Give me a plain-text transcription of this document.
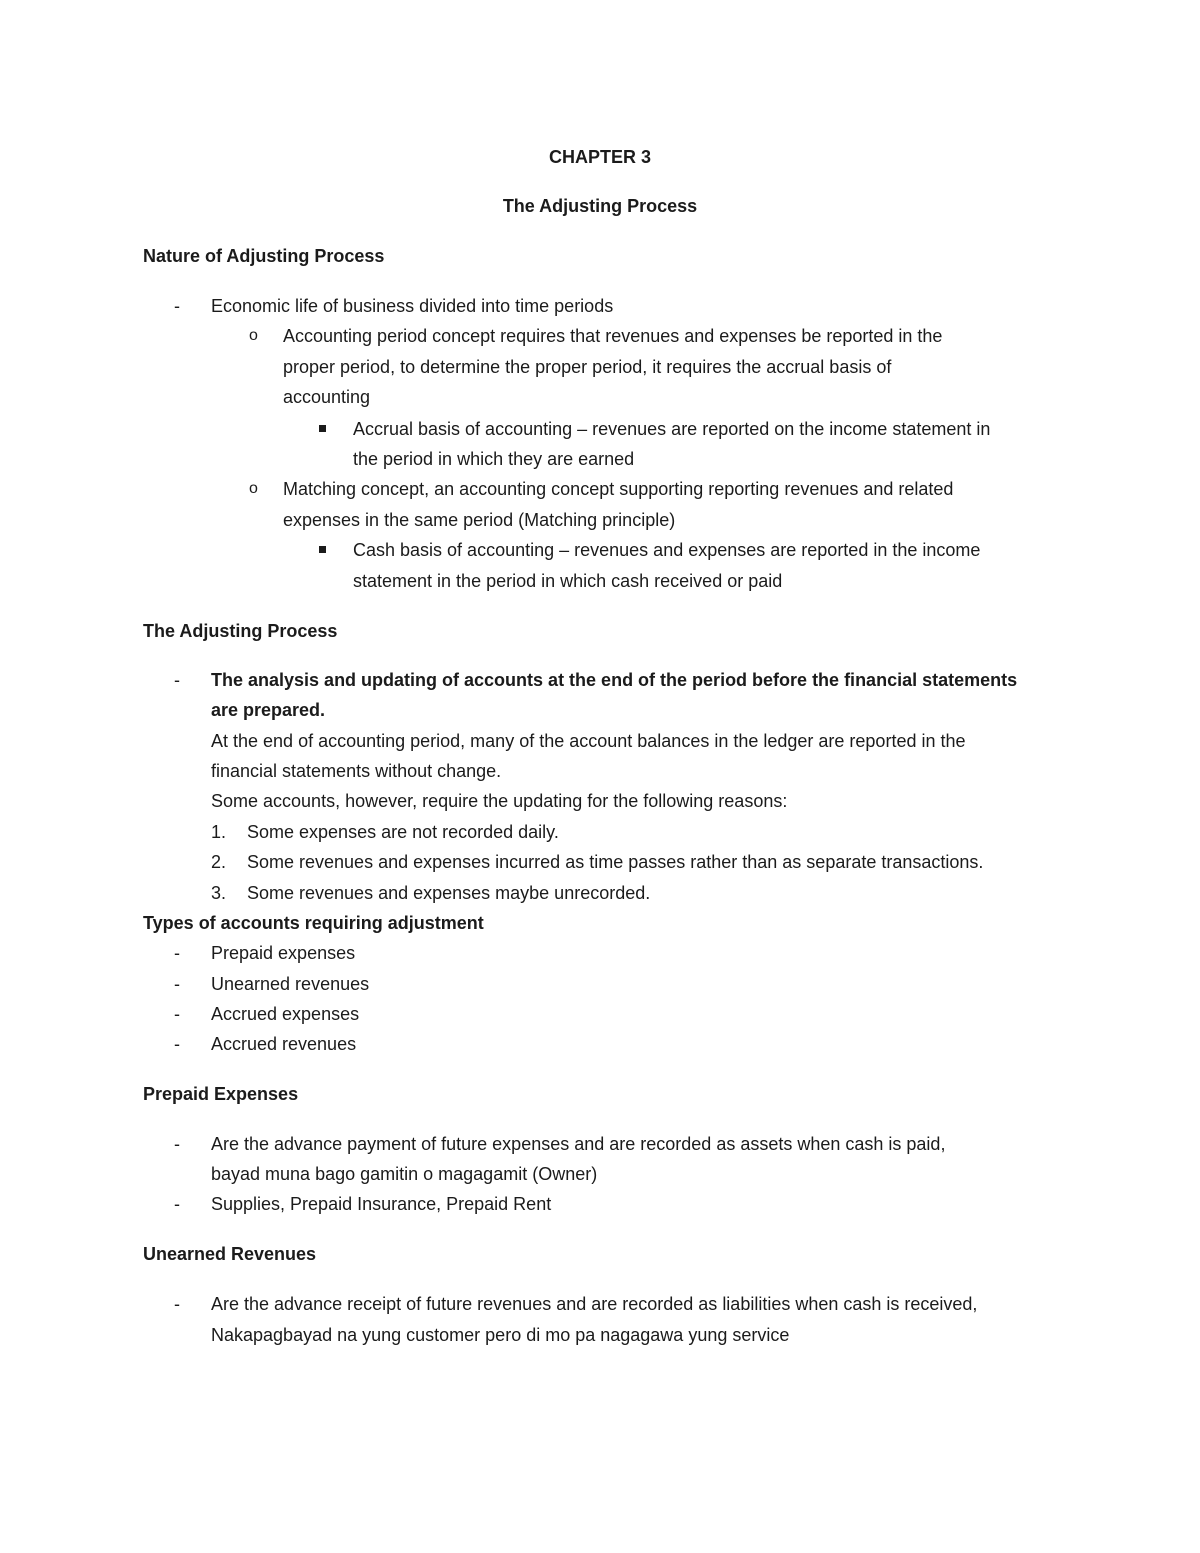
CHAPTER 3
The Adjusting Process
Nature of Adjusting Process
- Economic life of business divided into time periods
o Accounting period concept requires that revenues and expenses be reported in the
proper period, to determine the proper period, it requires the accrual basis of
accounting
Accrual basis of accounting – revenues are reported on the income statement in
the period in which they are earned
o Matching concept, an accounting concept supporting reporting revenues and related
expenses in the same period (Matching principle)
Cash basis of accounting – revenues and expenses are reported in the income
statement in the period in which cash received or paid
The Adjusting Process
- The analysis and updating of accounts at the end of the period before the financial statements
are prepared.
At the end of accounting period, many of the account balances in the ledger are reported in the
financial statements without change.
Some accounts, however, require the updating for the following reasons:
1. Some expenses are not recorded daily.
2. Some revenues and expenses incurred as time passes rather than as separate transactions.
3. Some revenues and expenses maybe unrecorded.
Types of accounts requiring adjustment
- Prepaid expenses
- Unearned revenues
- Accrued expenses
- Accrued revenues
Prepaid Expenses
- Are the advance payment of future expenses and are recorded as assets when cash is paid,
bayad muna bago gamitin o magagamit (Owner)
- Supplies, Prepaid Insurance, Prepaid Rent
Unearned Revenues
- Are the advance receipt of future revenues and are recorded as liabilities when cash is received,
Nakapagbayad na yung customer pero di mo pa nagagawa yung service
